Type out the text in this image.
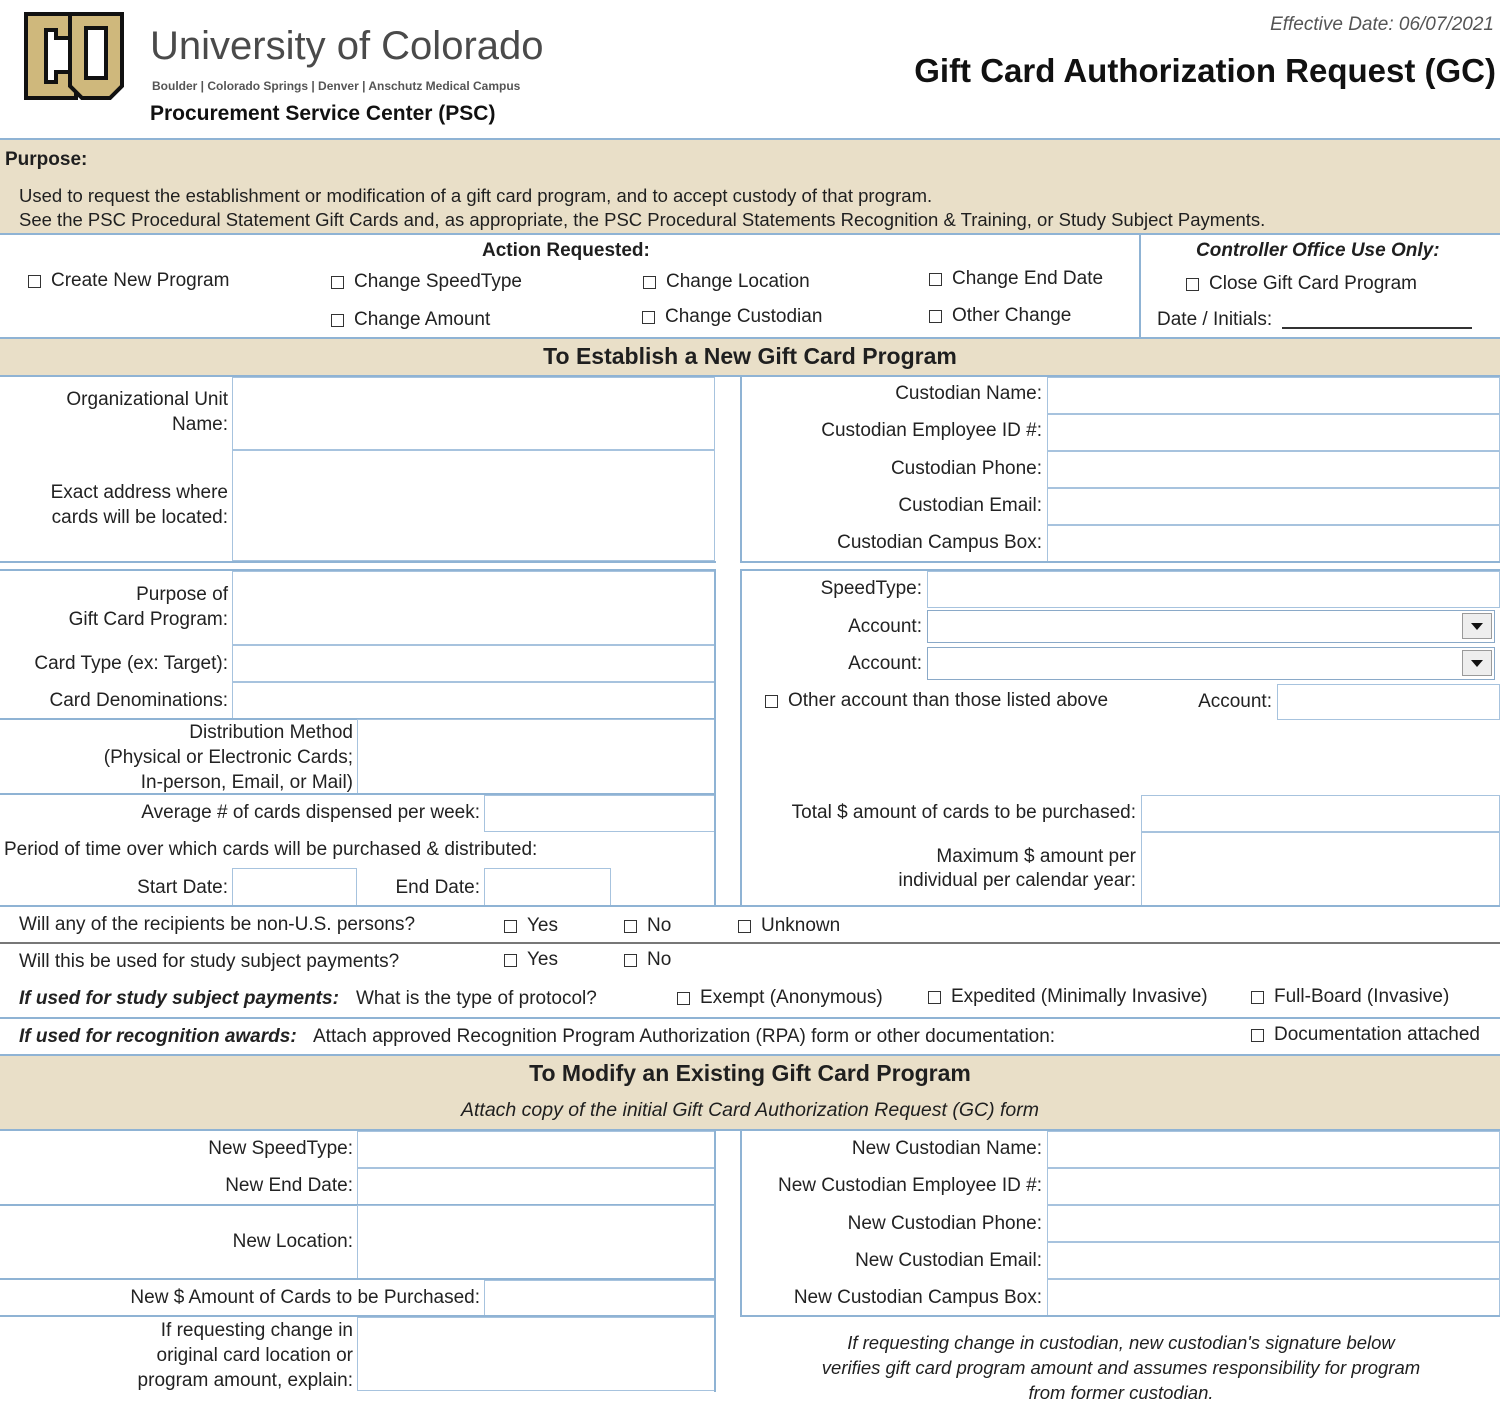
University of Colorado
Boulder | Colorado Springs | Denver | Anschutz Medical Campus
Procurement Service Center (PSC)
Effective Date: 06/07/2021
Gift Card Authorization Request (GC)
Purpose:
Used to request the establishment or modification of a gift card program, and to accept custody of that program.
See the PSC Procedural Statement Gift Cards and, as appropriate, the PSC Procedural Statements Recognition & Training, or Study Subject Payments.
Action Requested:
Create New Program	Change SpeedType	Change Location	Change End Date
Change Amount	Change Custodian	Other Change
Controller Office Use Only:
Close Gift Card Program
Date / Initials:
To Establish a New Gift Card Program
Organizational Unit
Name:
Exact address where
cards will be located:
Custodian Name:
Custodian Employee ID #:
Custodian Phone:
Custodian Email:
Custodian Campus Box:
Purpose of
Gift Card Program:
Card Type (ex: Target):
Card Denominations:
Distribution Method
(Physical or Electronic Cards;
In-person, Email, or Mail)
Average # of cards dispensed per week:
Period of time over which cards will be purchased & distributed:
Start Date:	End Date:
SpeedType:
Account:
Account:
Other account than those listed above	Account:
Total $ amount of cards to be purchased:
Maximum $ amount per
individual per calendar year:
Will any of the recipients be non-U.S. persons?	Yes	No	Unknown
Will this be used for study subject payments?	Yes	No
If used for study subject payments: What is the type of protocol?	Exempt (Anonymous)	Expedited (Minimally Invasive)	Full-Board (Invasive)
If used for recognition awards: Attach approved Recognition Program Authorization (RPA) form or other documentation:	Documentation attached
To Modify an Existing Gift Card Program
Attach copy of the initial Gift Card Authorization Request (GC) form
New SpeedType:
New End Date:
New Location:
New $ Amount of Cards to be Purchased:
If requesting change in
original card location or
program amount, explain:
New Custodian Name:
New Custodian Employee ID #:
New Custodian Phone:
New Custodian Email:
New Custodian Campus Box:
If requesting change in custodian, new custodian's signature below
verifies gift card program amount and assumes responsibility for program
from former custodian.
